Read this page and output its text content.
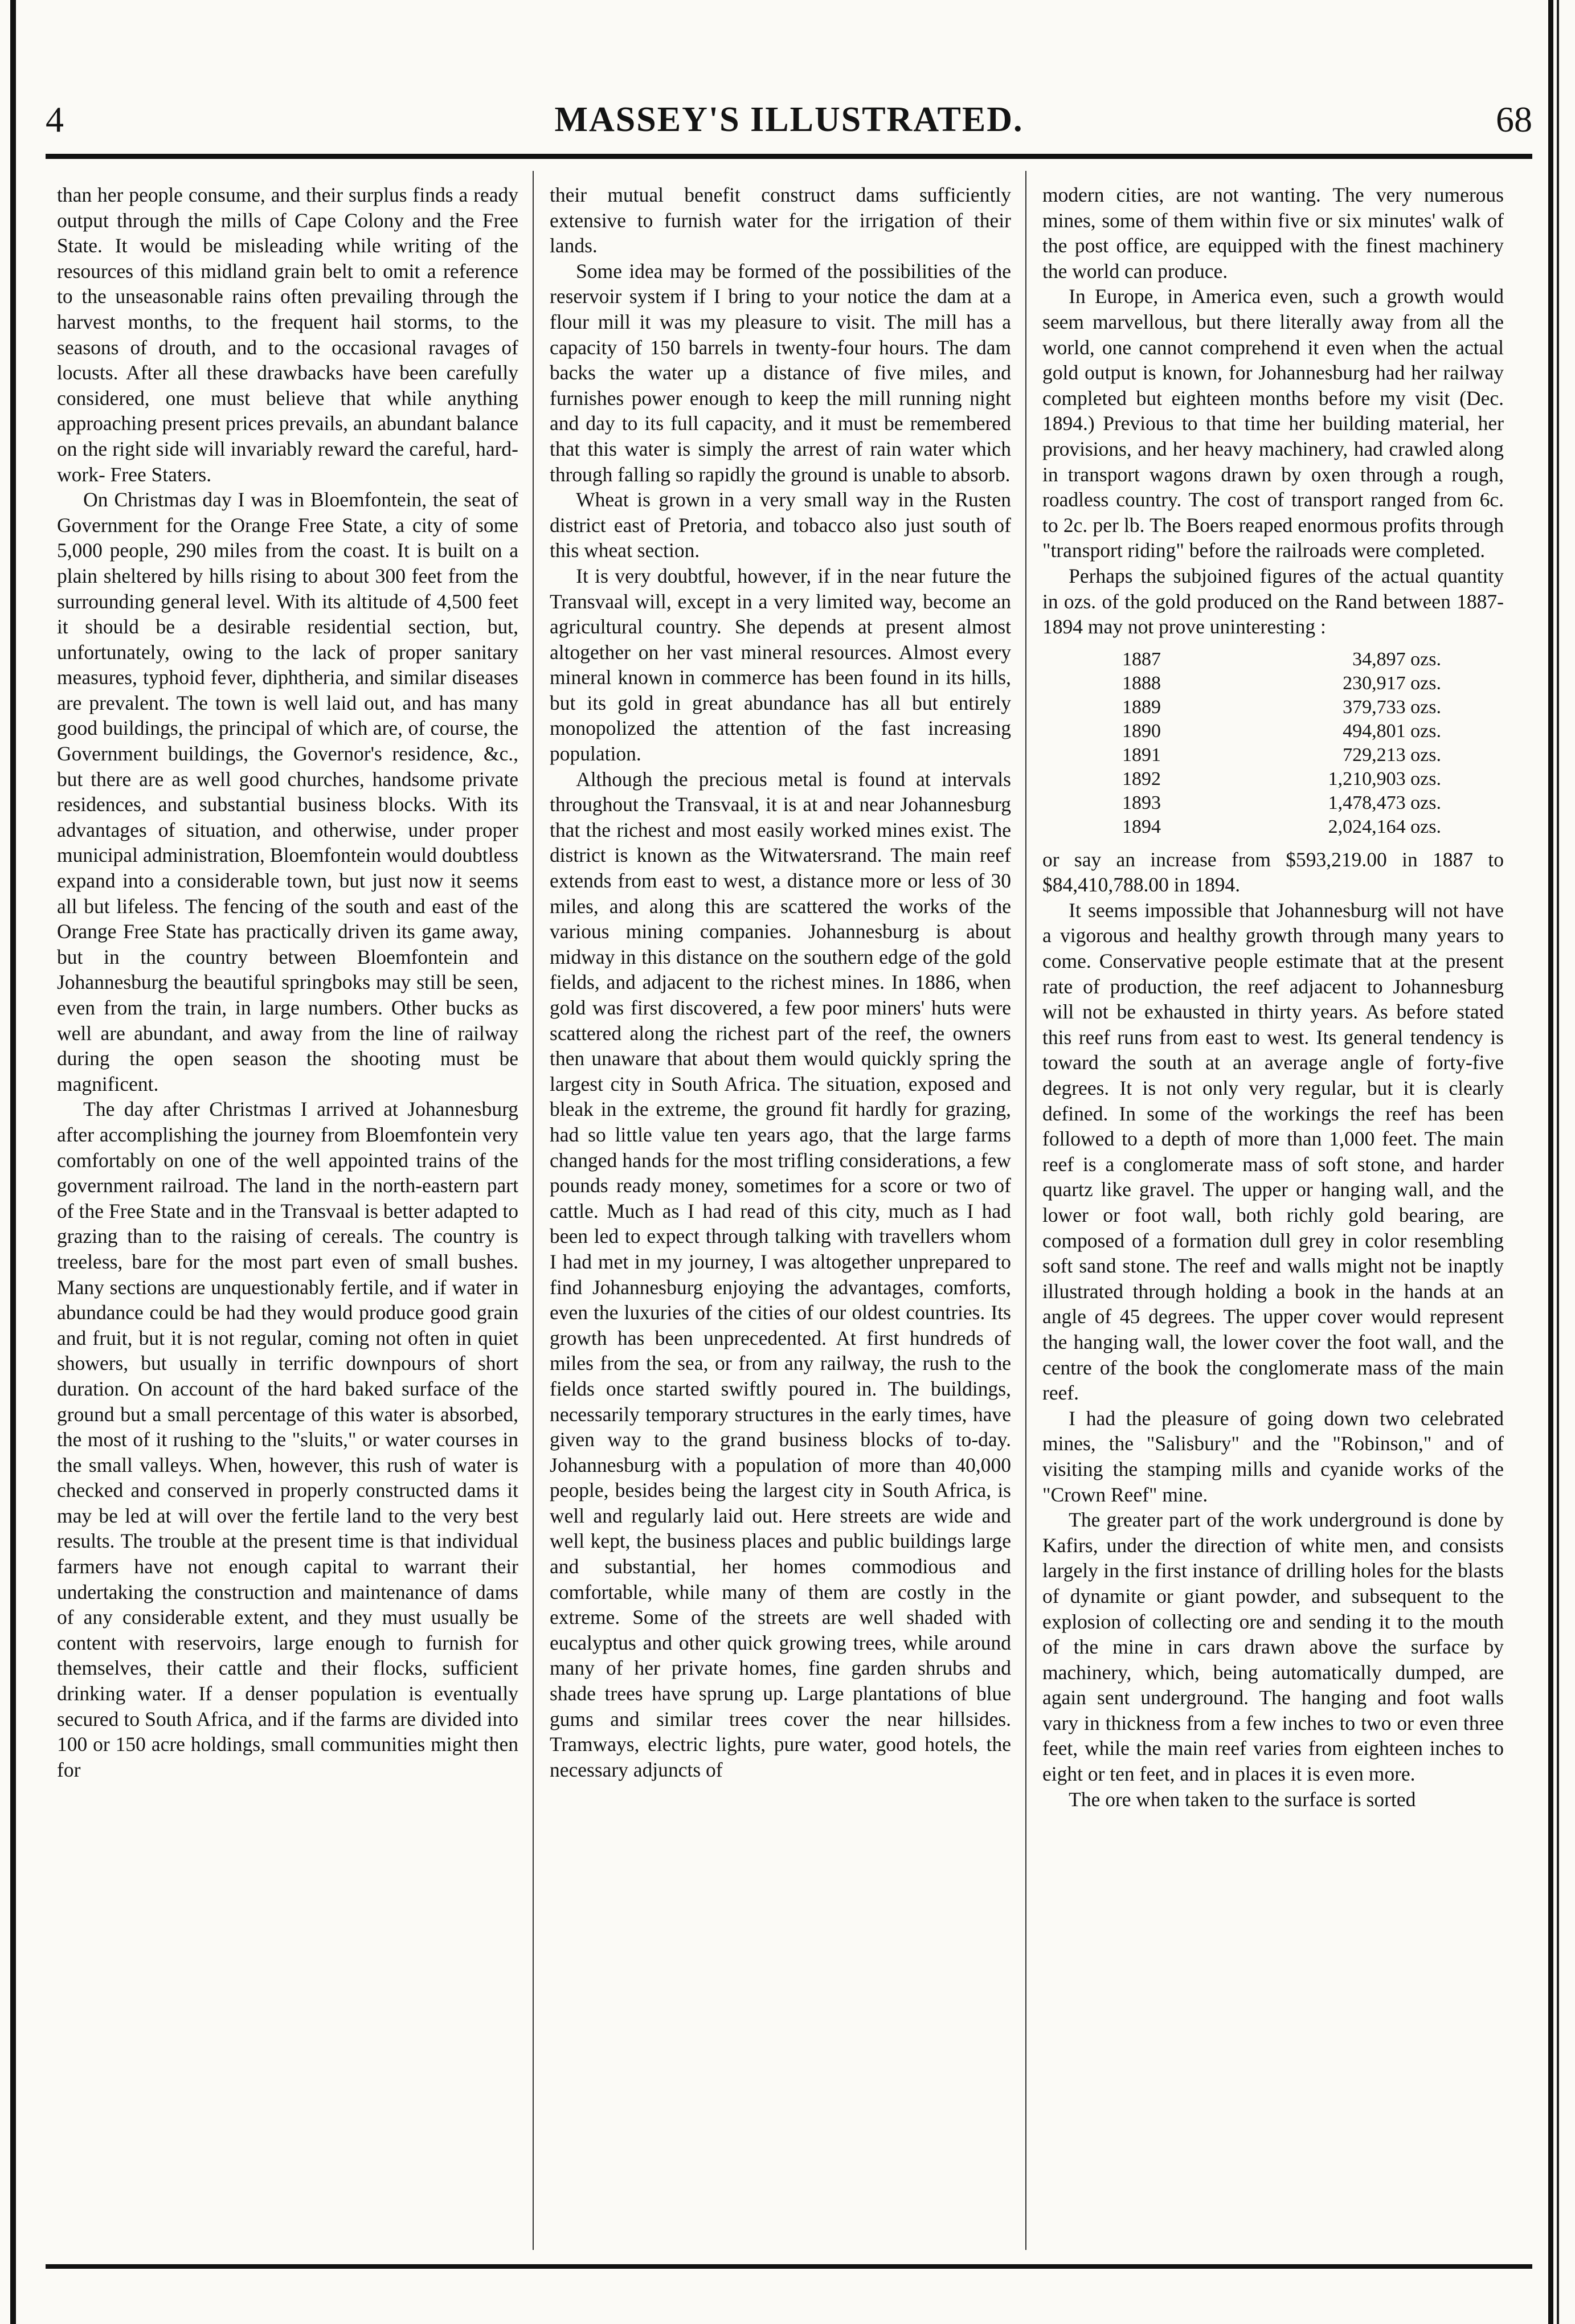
4	MASSEY'S ILLUSTRATED.	68

than her people consume, and their surplus finds a ready output through the mills of Cape Colony and the Free State. It would be misleading while writing of the resources of this midland grain belt to omit a reference to the unseasonable rains often prevailing through the harvest months, to the frequent hail storms, to the seasons of drouth, and to the occasional ravages of locusts. After all these drawbacks have been carefully considered, one must believe that while anything approaching present prices prevails, an abundant balance on the right side will invariably reward the careful, hard-work- Free Staters.

On Christmas day I was in Bloemfontein, the seat of Government for the Orange Free State, a city of some 5,000 people, 290 miles from the coast. It is built on a plain sheltered by hills rising to about 300 feet from the surrounding general level. With its altitude of 4,500 feet it should be a desirable residential section, but, unfortunately, owing to the lack of proper sanitary measures, typhoid fever, diphtheria, and similar diseases are prevalent. The town is well laid out, and has many good buildings, the principal of which are, of course, the Government buildings, the Governor's residence, &c., but there are as well good churches, handsome private residences, and substantial business blocks. With its advantages of situation, and otherwise, under proper municipal administration, Bloemfontein would doubtless expand into a considerable town, but just now it seems all but lifeless. The fencing of the south and east of the Orange Free State has practically driven its game away, but in the country between Bloemfontein and Johannesburg the beautiful springboks may still be seen, even from the train, in large numbers. Other bucks as well are abundant, and away from the line of railway during the open season the shooting must be magnificent.

The day after Christmas I arrived at Johannesburg after accomplishing the journey from Bloemfontein very comfortably on one of the well appointed trains of the government railroad. The land in the north-eastern part of the Free State and in the Transvaal is better adapted to grazing than to the raising of cereals. The country is treeless, bare for the most part even of small bushes. Many sections are unquestionably fertile, and if water in abundance could be had they would produce good grain and fruit, but it is not regular, coming not often in quiet showers, but usually in terrific downpours of short duration. On account of the hard baked surface of the ground but a small percentage of this water is absorbed, the most of it rushing to the "sluits," or water courses in the small valleys. When, however, this rush of water is checked and conserved in properly constructed dams it may be led at will over the fertile land to the very best results. The trouble at the present time is that individual farmers have not enough capital to warrant their undertaking the construction and maintenance of dams of any considerable extent, and they must usually be content with reservoirs, large enough to furnish for themselves, their cattle and their flocks, sufficient drinking water. If a denser population is eventually secured to South Africa, and if the farms are divided into 100 or 150 acre holdings, small communities might then for

their mutual benefit construct dams sufficiently extensive to furnish water for the irrigation of their lands.

Some idea may be formed of the possibilities of the reservoir system if I bring to your notice the dam at a flour mill it was my pleasure to visit. The mill has a capacity of 150 barrels in twenty-four hours. The dam backs the water up a distance of five miles, and furnishes power enough to keep the mill running night and day to its full capacity, and it must be remembered that this water is simply the arrest of rain water which through falling so rapidly the ground is unable to absorb.

Wheat is grown in a very small way in the Rusten district east of Pretoria, and tobacco also just south of this wheat section.

It is very doubtful, however, if in the near future the Transvaal will, except in a very limited way, become an agricultural country. She depends at present almost altogether on her vast mineral resources. Almost every mineral known in commerce has been found in its hills, but its gold in great abundance has all but entirely monopolized the attention of the fast increasing population.

Although the precious metal is found at intervals throughout the Transvaal, it is at and near Johannesburg that the richest and most easily worked mines exist. The district is known as the Witwatersrand. The main reef extends from east to west, a distance more or less of 30 miles, and along this are scattered the works of the various mining companies. Johannesburg is about midway in this distance on the southern edge of the gold fields, and adjacent to the richest mines. In 1886, when gold was first discovered, a few poor miners' huts were scattered along the richest part of the reef, the owners then unaware that about them would quickly spring the largest city in South Africa. The situation, exposed and bleak in the extreme, the ground fit hardly for grazing, had so little value ten years ago, that the large farms changed hands for the most trifling considerations, a few pounds ready money, sometimes for a score or two of cattle. Much as I had read of this city, much as I had been led to expect through talking with travellers whom I had met in my journey, I was altogether unprepared to find Johannesburg enjoying the advantages, comforts, even the luxuries of the cities of our oldest countries. Its growth has been unprecedented. At first hundreds of miles from the sea, or from any railway, the rush to the fields once started swiftly poured in. The buildings, necessarily temporary structures in the early times, have given way to the grand business blocks of to-day. Johannesburg with a population of more than 40,000 people, besides being the largest city in South Africa, is well and regularly laid out. Here streets are wide and well kept, the business places and public buildings large and substantial, her homes commodious and comfortable, while many of them are costly in the extreme. Some of the streets are well shaded with eucalyptus and other quick growing trees, while around many of her private homes, fine garden shrubs and shade trees have sprung up. Large plantations of blue gums and similar trees cover the near hillsides. Tramways, electric lights, pure water, good hotels, the necessary adjuncts of

modern cities, are not wanting. The very numerous mines, some of them within five or six minutes' walk of the post office, are equipped with the finest machinery the world can produce.

In Europe, in America even, such a growth would seem marvellous, but there literally away from all the world, one cannot comprehend it even when the actual gold output is known, for Johannesburg had her railway completed but eighteen months before my visit (Dec. 1894.) Previous to that time her building material, her provisions, and her heavy machinery, had crawled along in transport wagons drawn by oxen through a rough, roadless country. The cost of transport ranged from 6c. to 2c. per lb. The Boers reaped enormous profits through "transport riding" before the railroads were completed.

Perhaps the subjoined figures of the actual quantity in ozs. of the gold produced on the Rand between 1887-1894 may not prove uninteresting :

1887	34,897 ozs.
1888	230,917 ozs.
1889	379,733 ozs.
1890	494,801 ozs.
1891	729,213 ozs.
1892	1,210,903 ozs.
1893	1,478,473 ozs.
1894	2,024,164 ozs.

or say an increase from $593,219.00 in 1887 to $84,410,788.00 in 1894.

It seems impossible that Johannesburg will not have a vigorous and healthy growth through many years to come. Conservative people estimate that at the present rate of production, the reef adjacent to Johannesburg will not be exhausted in thirty years. As before stated this reef runs from east to west. Its general tendency is toward the south at an average angle of forty-five degrees. It is not only very regular, but it is clearly defined. In some of the workings the reef has been followed to a depth of more than 1,000 feet. The main reef is a conglomerate mass of soft stone, and harder quartz like gravel. The upper or hanging wall, and the lower or foot wall, both richly gold bearing, are composed of a formation dull grey in color resembling soft sand stone. The reef and walls might not be inaptly illustrated through holding a book in the hands at an angle of 45 degrees. The upper cover would represent the hanging wall, the lower cover the foot wall, and the centre of the book the conglomerate mass of the main reef.

I had the pleasure of going down two celebrated mines, the "Salisbury" and the "Robinson," and of visiting the stamping mills and cyanide works of the "Crown Reef" mine.

The greater part of the work underground is done by Kafirs, under the direction of white men, and consists largely in the first instance of drilling holes for the blasts of dynamite or giant powder, and subsequent to the explosion of collecting ore and sending it to the mouth of the mine in cars drawn above the surface by machinery, which, being automatically dumped, are again sent underground. The hanging and foot walls vary in thickness from a few inches to two or even three feet, while the main reef varies from eighteen inches to eight or ten feet, and in places it is even more.

The ore when taken to the surface is sorted
